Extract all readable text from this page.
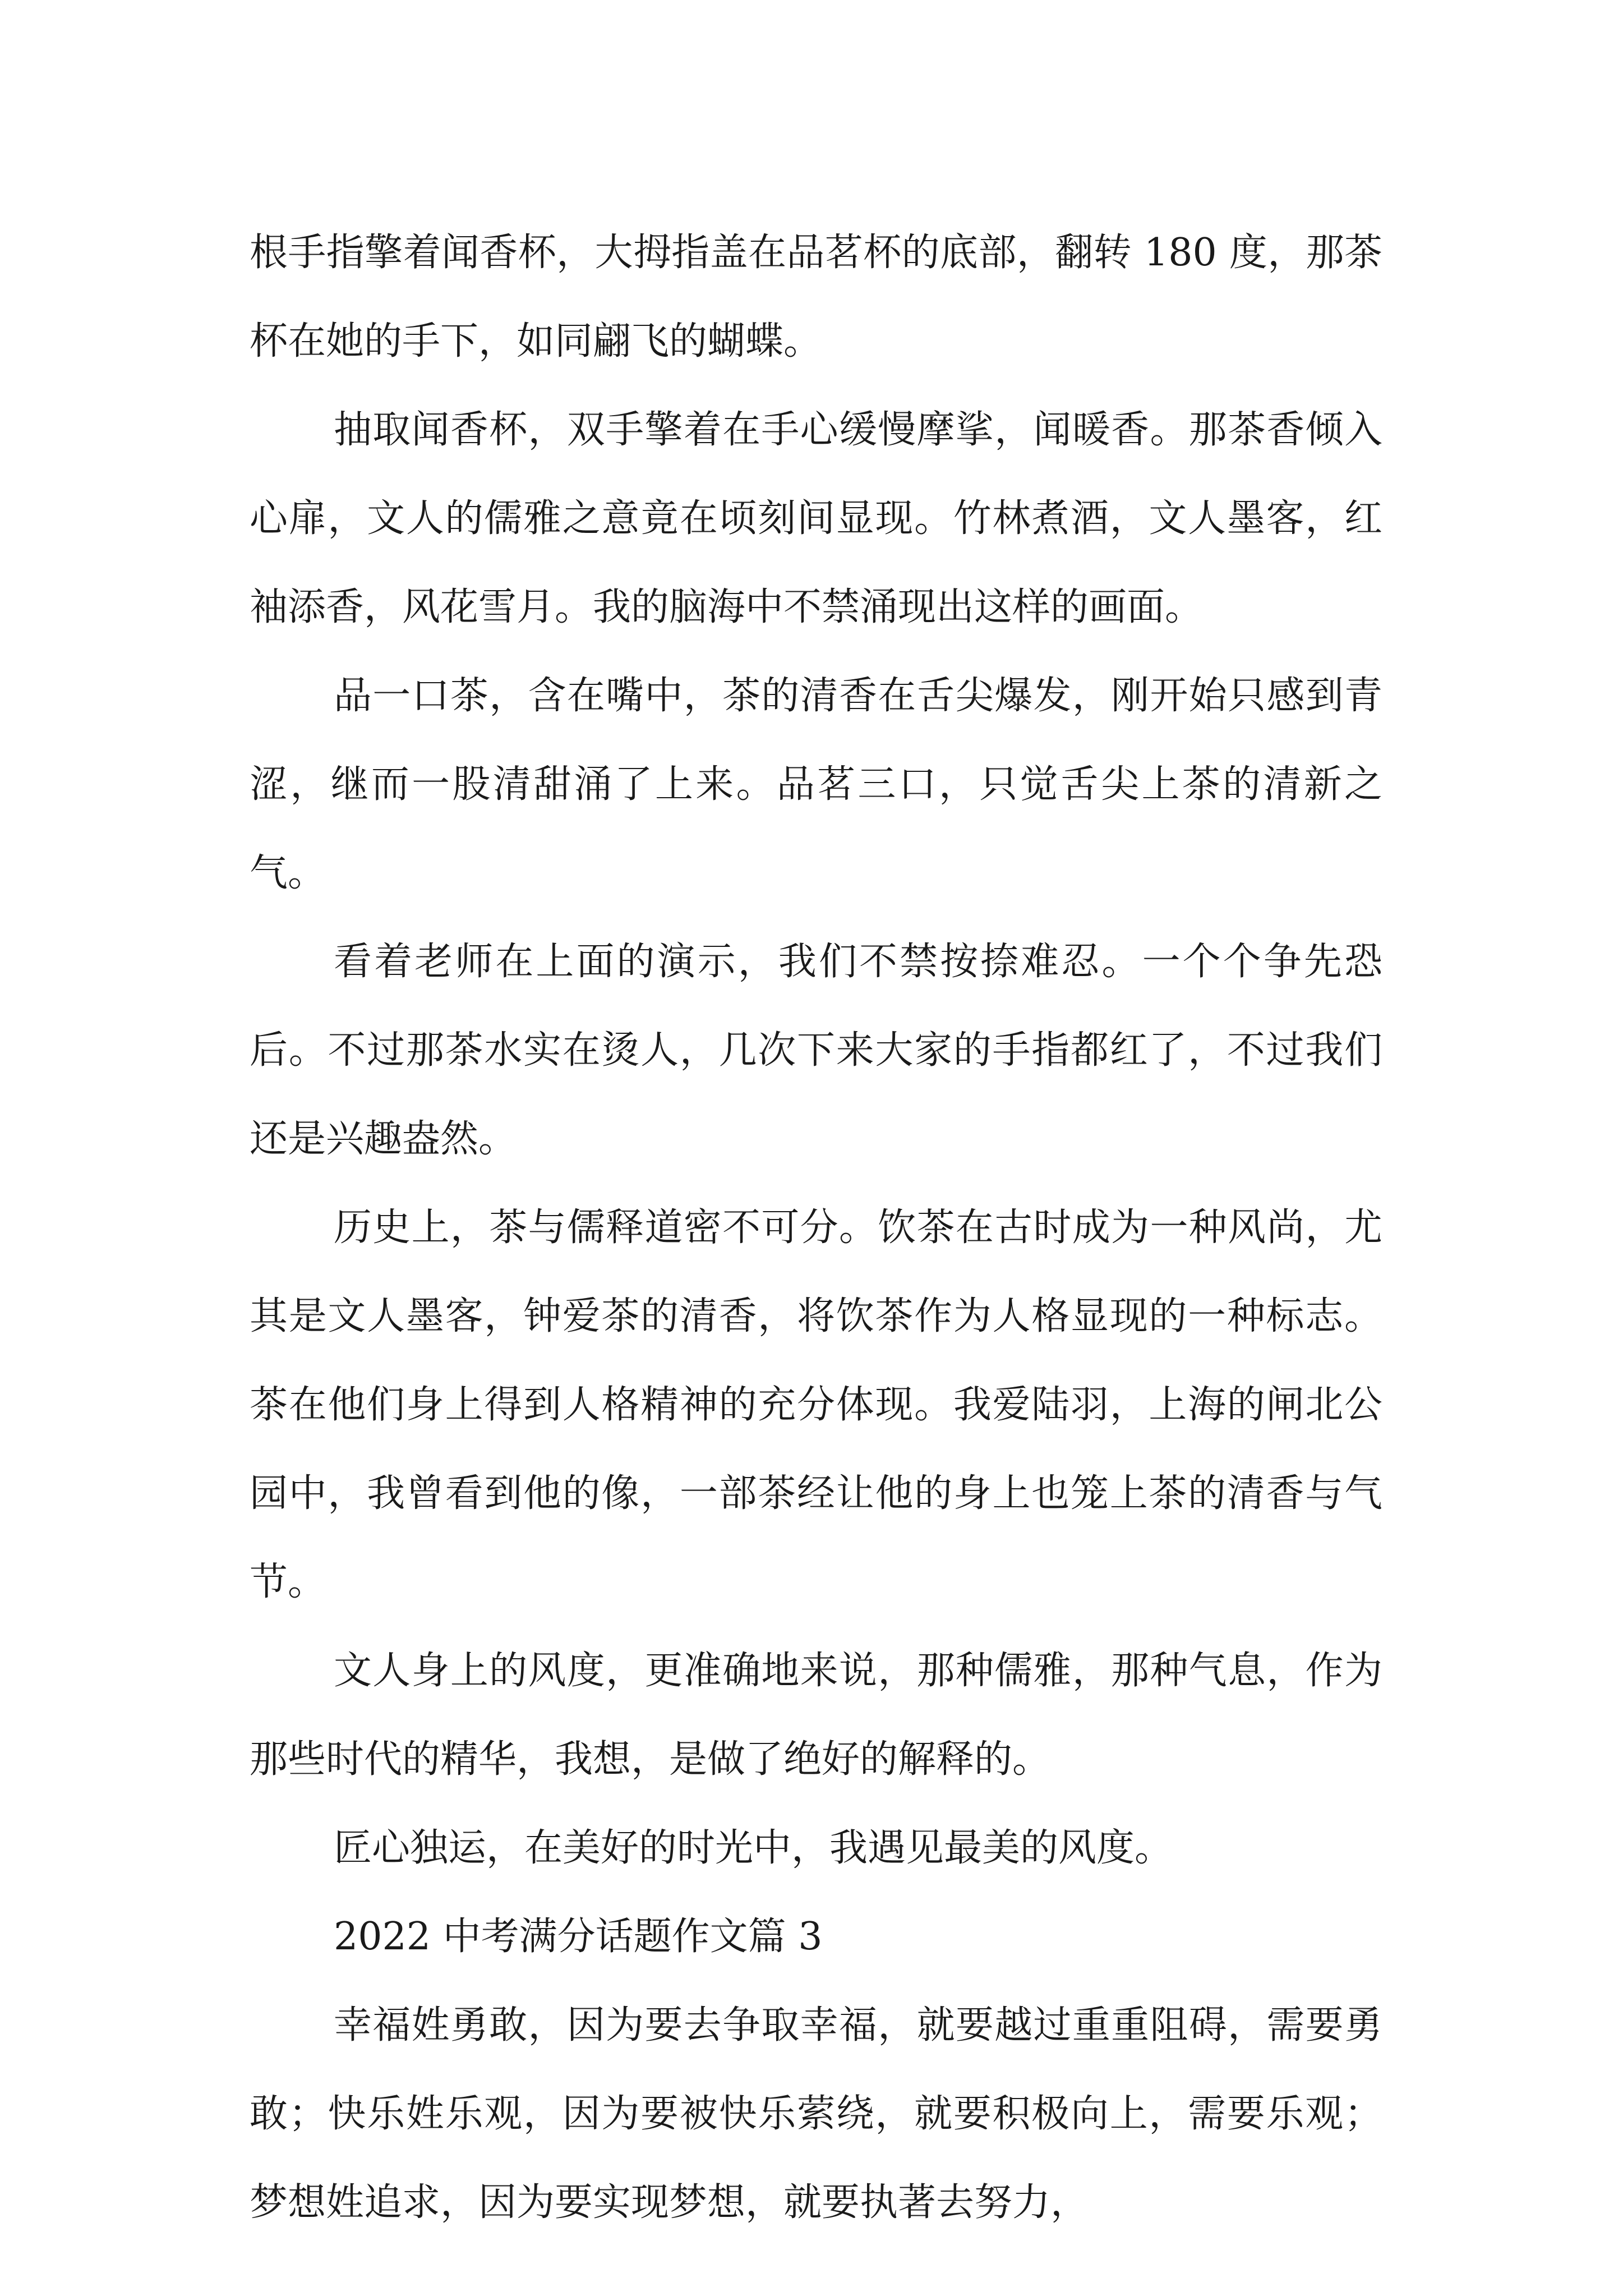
根手指擎着闻香杯，大拇指盖在品茗杯的底部，翻转 180 度，那茶杯在她的手下，如同翩飞的蝴蝶。

抽取闻香杯，双手擎着在手心缓慢摩挲，闻暖香。那茶香倾入心扉，文人的儒雅之意竟在顷刻间显现。竹林煮酒，文人墨客，红袖添香，风花雪月。我的脑海中不禁涌现出这样的画面。

品一口茶，含在嘴中，茶的清香在舌尖爆发，刚开始只感到青涩，继而一股清甜涌了上来。品茗三口，只觉舌尖上茶的清新之气。

看着老师在上面的演示，我们不禁按捺难忍。一个个争先恐后。不过那茶水实在烫人，几次下来大家的手指都红了，不过我们还是兴趣盎然。

历史上，茶与儒释道密不可分。饮茶在古时成为一种风尚，尤其是文人墨客，钟爱茶的清香，将饮茶作为人格显现的一种标志。茶在他们身上得到人格精神的充分体现。我爱陆羽，上海的闸北公园中，我曾看到他的像，一部茶经让他的身上也笼上茶的清香与气节。

文人身上的风度，更准确地来说，那种儒雅，那种气息，作为那些时代的精华，我想，是做了绝好的解释的。

匠心独运，在美好的时光中，我遇见最美的风度。

2022 中考满分话题作文篇 3

幸福姓勇敢，因为要去争取幸福，就要越过重重阻碍，需要勇敢；快乐姓乐观，因为要被快乐萦绕，就要积极向上，需要乐观；梦想姓追求，因为要实现梦想，就要执著去努力，
